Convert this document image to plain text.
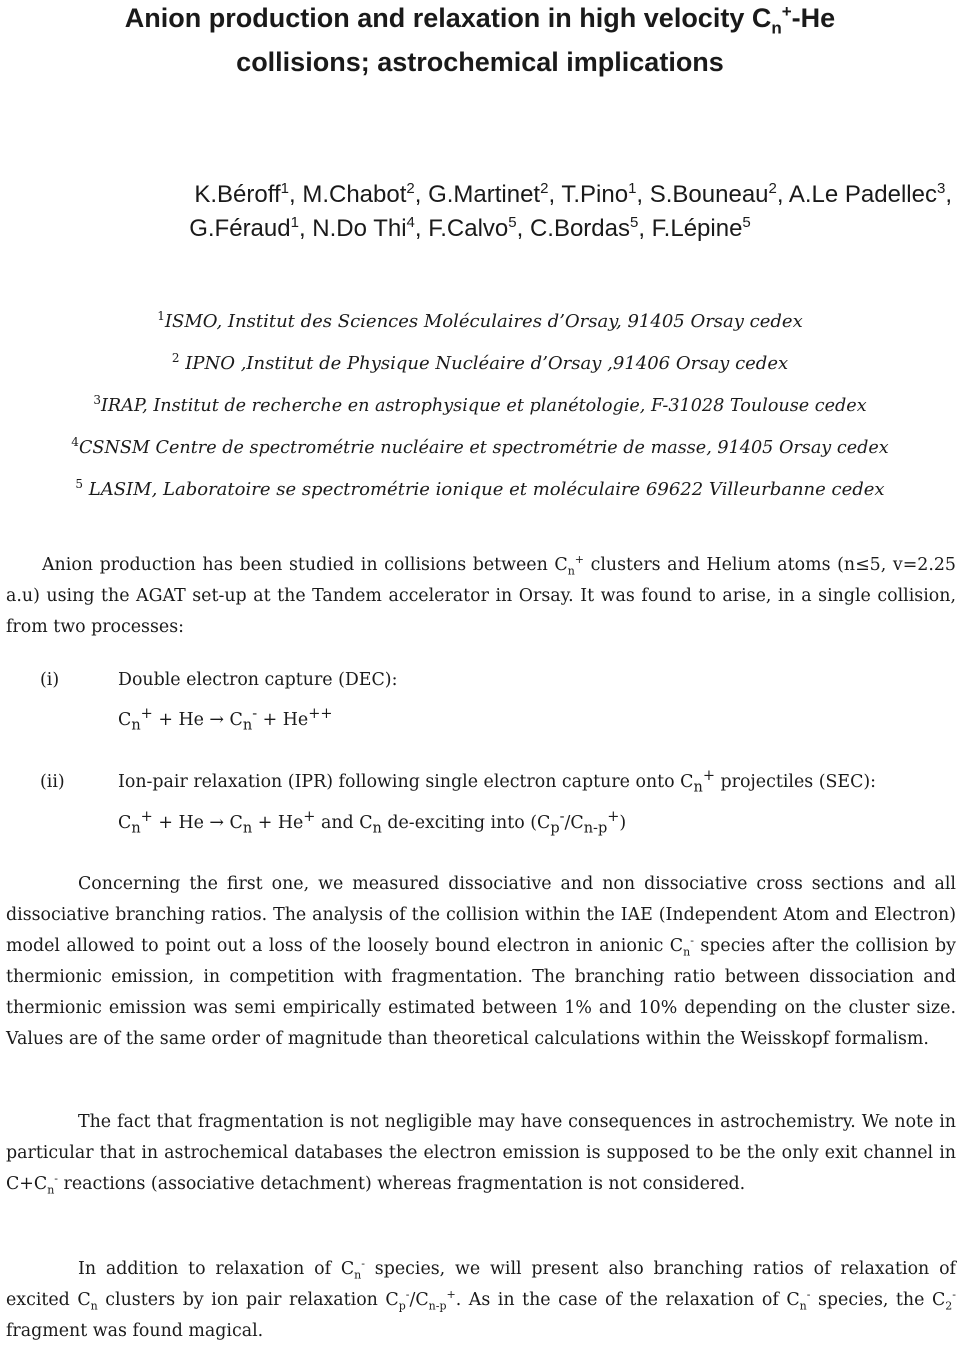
Anion production and relaxation in high velocity $C_n^+-He$
collisions; astrochemical implications
K.Béroff$^1$, M.Chabot$^2$, G.Martinet$^2$, T.Pino$^1$, S.Bouneau$^2$, A.Le Padellec$^3$,
G.Féraud$^1$, N.Do Thi$^4$, F.Calvo$^5$, C.Bordas$^5$, F.Lépine$^5$
$^1$ISMO, Institut des Sciences Moléculaires d’Orsay, 91405 Orsay cedex
$^2$ IPNO ,Institut de Physique Nucléaire d’Orsay ,91406 Orsay cedex
$^3$IRAP, Institut de recherche en astrophysique et planétologie, F-31028 Toulouse cedex
$^4$CSNSM Centre de spectrométrie nucléaire et spectrométrie de masse, 91405 Orsay cedex
$^5$ LASIM, Laboratoire se spectrométrie ionique et moléculaire 69622 Villeurbanne cedex

Anion production has been studied in collisions between $C_n^+$ clusters and Helium atoms (n≤5, v=2.25 a.u) using the AGAT set-up at the Tandem accelerator in Orsay. It was found to arise, in a single collision, from two processes:

(i)	Double electron capture (DEC):
$C_n^+ + He \to C_n^- + He^{++}$
(ii)	Ion-pair relaxation (IPR) following single electron capture onto $C_n^+$ projectiles (SEC):
$C_n^+ + He \to C_n + He^+$ and $C_n$ de-exciting into $(C_p^-/C_{n-p}^+)$

Concerning the first one, we measured dissociative and non dissociative cross sections and all dissociative branching ratios. The analysis of the collision within the IAE (Independent Atom and Electron) model allowed to point out a loss of the loosely bound electron in anionic $C_n^-$ species after the collision by thermionic emission, in competition with fragmentation. The branching ratio between dissociation and thermionic emission was semi empirically estimated between 1% and 10% depending on the cluster size. Values are of the same order of magnitude than theoretical calculations within the Weisskopf formalism.

The fact that fragmentation is not negligible may have consequences in astrochemistry. We note in particular that in astrochemical databases the electron emission is supposed to be the only exit channel in $C+C_n^-$ reactions (associative detachment) whereas fragmentation is not considered.

In addition to relaxation of $C_n^-$ species, we will present also branching ratios of relaxation of excited $C_n$ clusters by ion pair relaxation $C_p^-/C_{n-p}^+$. As in the case of the relaxation of $C_n^-$ species, the $C_2^-$ fragment was found magical.
